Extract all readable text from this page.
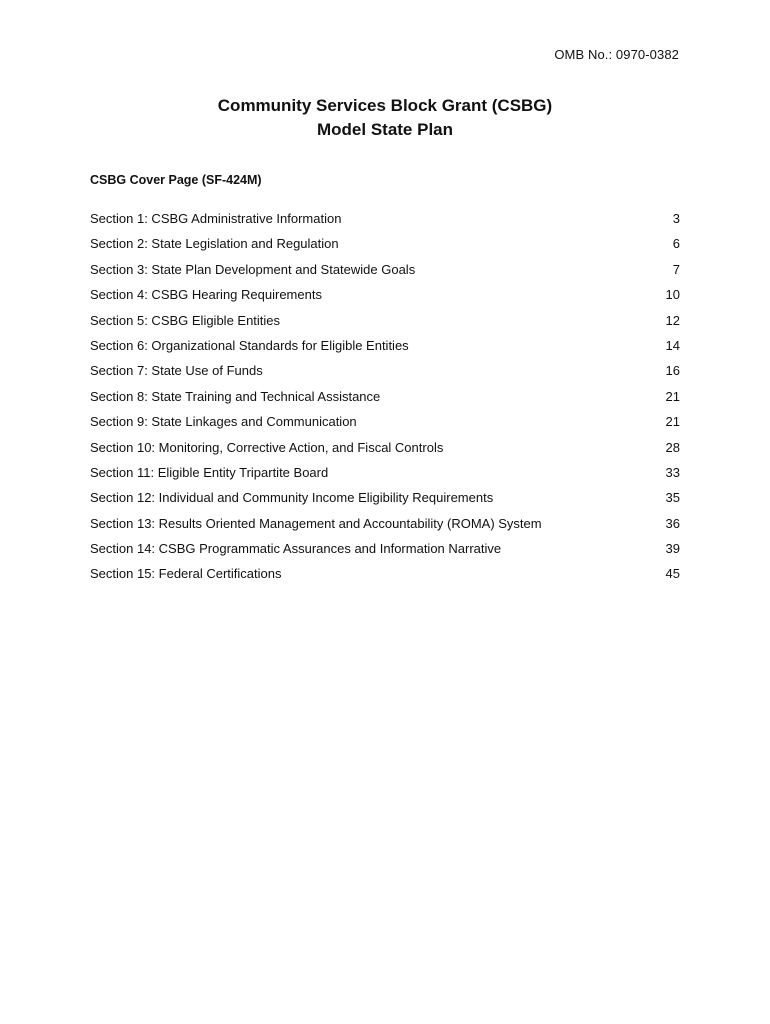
OMB No.: 0970-0382
Community Services Block Grant (CSBG)
Model State Plan
CSBG Cover Page (SF-424M)
Section 1: CSBG Administrative Information	3
Section 2: State Legislation and Regulation	6
Section 3: State Plan Development and Statewide Goals	7
Section 4: CSBG Hearing Requirements	10
Section 5: CSBG Eligible Entities	12
Section 6: Organizational Standards for Eligible Entities	14
Section 7: State Use of Funds	16
Section 8: State Training and Technical Assistance	21
Section 9: State Linkages and Communication	21
Section 10: Monitoring, Corrective Action, and Fiscal Controls	28
Section 11: Eligible Entity Tripartite Board	33
Section 12: Individual and Community Income Eligibility Requirements	35
Section 13: Results Oriented Management and Accountability (ROMA) System	36
Section 14: CSBG Programmatic Assurances and Information Narrative	39
Section 15: Federal Certifications	45
